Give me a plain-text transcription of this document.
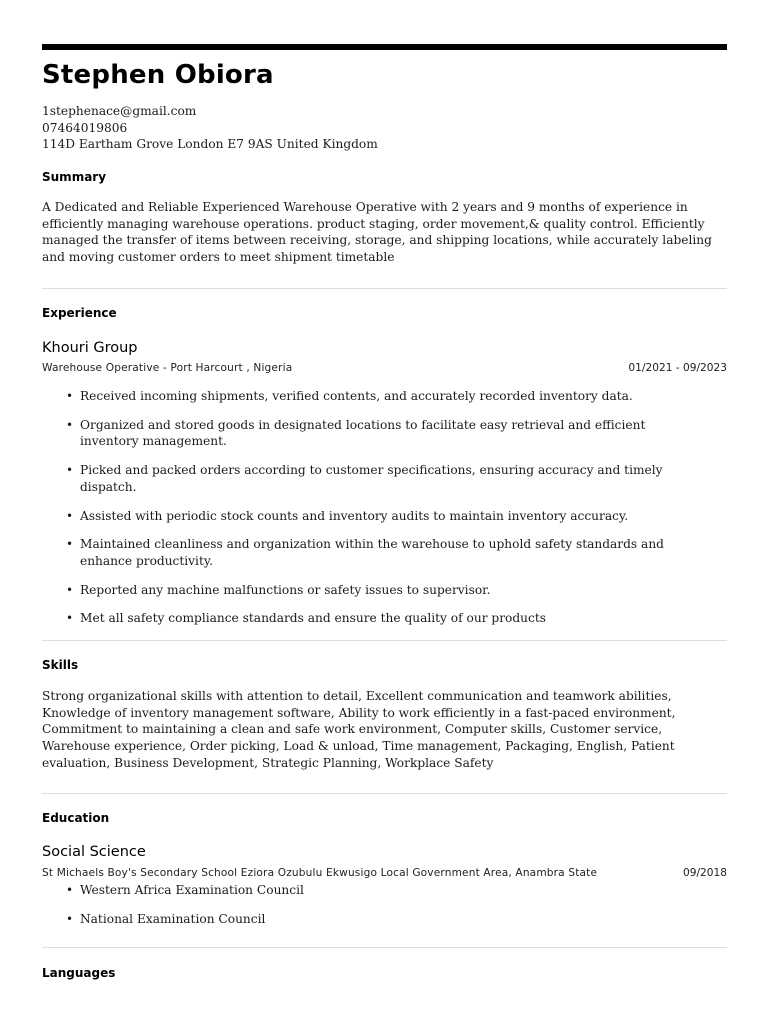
Stephen Obiora
1stephenace@gmail.com
07464019806
114D Eartham Grove London E7 9AS United Kingdom
Summary
A Dedicated and Reliable Experienced Warehouse Operative with 2 years and 9 months of experience in efficiently managing warehouse operations. product staging, order movement,& quality control. Efficiently managed the transfer of items between receiving, storage, and shipping locations, while accurately labeling and moving customer orders to meet shipment timetable
Experience
Khouri Group
Warehouse Operative - Port Harcourt , Nigeria	01/2021 - 09/2023
• Received incoming shipments, verified contents, and accurately recorded inventory data.
• Organized and stored goods in designated locations to facilitate easy retrieval and efficient inventory management.
• Picked and packed orders according to customer specifications, ensuring accuracy and timely dispatch.
• Assisted with periodic stock counts and inventory audits to maintain inventory accuracy.
• Maintained cleanliness and organization within the warehouse to uphold safety standards and enhance productivity.
• Reported any machine malfunctions or safety issues to supervisor.
• Met all safety compliance standards and ensure the quality of our products
Skills
Strong organizational skills with attention to detail, Excellent communication and teamwork abilities, Knowledge of inventory management software, Ability to work efficiently in a fast-paced environment, Commitment to maintaining a clean and safe work environment, Computer skills, Customer service, Warehouse experience, Order picking, Load & unload, Time management, Packaging, English, Patient evaluation, Business Development, Strategic Planning, Workplace Safety
Education
Social Science
St Michaels Boy's Secondary School Eziora Ozubulu Ekwusigo Local Government Area, Anambra State	09/2018
• Western Africa Examination Council
• National Examination Council
Languages
